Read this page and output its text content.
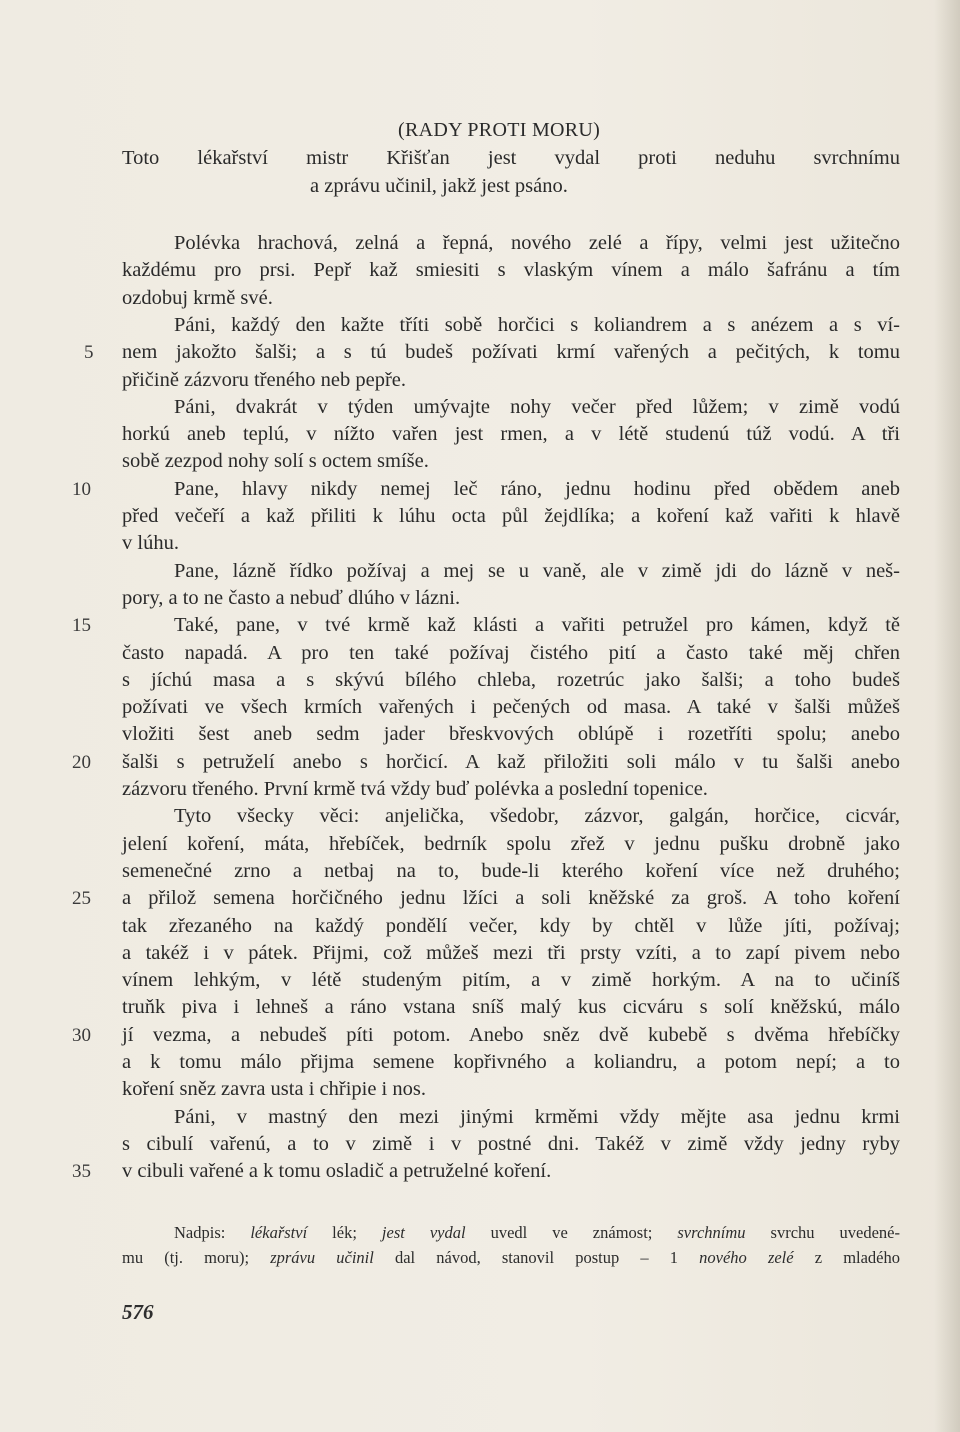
(RADY PROTI MORU)
Toto lékařství mistr Křišťan jest vydal proti neduhu svrchnímu
a zprávu učinil, jakž jest psáno.
Polévka hrachová, zelná a řepná, nového zelé a řípy, velmi jest užitečno
každému pro prsi. Pepř kaž smiesiti s vlaským vínem a málo šafránu a tím
ozdobuj krmě své.
Páni, každý den kažte tříti sobě horčici s koliandrem a s anézem a s ví-
nem jakožto šalši; a s tú budeš požívati krmí vařených a pečitých, k tomu
přičině zázvoru třeného neb pepře.
Páni, dvakrát v týden umývajte nohy večer před lůžem; v zimě vodú
horkú aneb teplú, v nížto vařen jest rmen, a v létě studenú túž vodú. A tři
sobě zezpod nohy solí s octem smíše.
Pane, hlavy nikdy nemej leč ráno, jednu hodinu před obědem aneb
před večeří a kaž přiliti k lúhu octa půl žejdlíka; a koření kaž vařiti k hlavě
v lúhu.
Pane, lázně řídko požívaj a mej se u vaně, ale v zimě jdi do lázně v neš-
pory, a to ne často a nebuď dlúho v lázni.
Také, pane, v tvé krmě kaž klásti a vařiti petružel pro kámen, když tě
často napadá. A pro ten také požívaj čistého pití a často také měj chřen
s jíchú masa a s skývú bílého chleba, rozetrúc jako šalši; a toho budeš
požívati ve všech krmích vařených i pečených od masa. A také v šalši můžeš
vložiti šest aneb sedm jader břeskvových oblúpě i rozetříti spolu; anebo
šalši s petruželí anebo s horčicí. A kaž přiložiti soli málo v tu šalši anebo
zázvoru třeného. První krmě tvá vždy buď polévka a poslední topenice.
Tyto všecky věci: anjelička, všedobr, zázvor, galgán, horčice, cicvár,
jelení koření, máta, hřebíček, bedrník spolu zřež v jednu pušku drobně jako
semenečné zrno a netbaj na to, bude-li kterého koření více než druhého;
a přilož semena horčičného jednu lžíci a soli kněžské za groš. A toho koření
tak zřezaného na každý pondělí večer, kdy by chtěl v lůže jíti, požívaj;
a takéž i v pátek. Přijmi, což můžeš mezi tři prsty vzíti, a to zapí pivem nebo
vínem lehkým, v létě studeným pitím, a v zimě horkým. A na to učiníš
truňk piva i lehneš a ráno vstana sníš malý kus cicváru s solí kněžskú, málo
jí vezma, a nebudeš píti potom. Anebo sněz dvě kubebě s dvěma hřebíčky
a k tomu málo přijma semene kopřivného a koliandru, a potom nepí; a to
koření sněz zavra usta i chřipie i nos.
Páni, v mastný den mezi jinými krměmi vždy mějte asa jednu krmi
s cibulí vařenú, a to v zimě i v postné dni. Takéž v zimě vždy jedny ryby
v cibuli vařené a k tomu osladič a petruželné koření.
5
10
15
20
25
30
35
Nadpis: lékařství lék; jest vydal uvedl ve známost; svrchnímu svrchu uvedené-
mu (tj. moru); zprávu učinil dal návod, stanovil postup – 1 nového zelé z mladého
576
